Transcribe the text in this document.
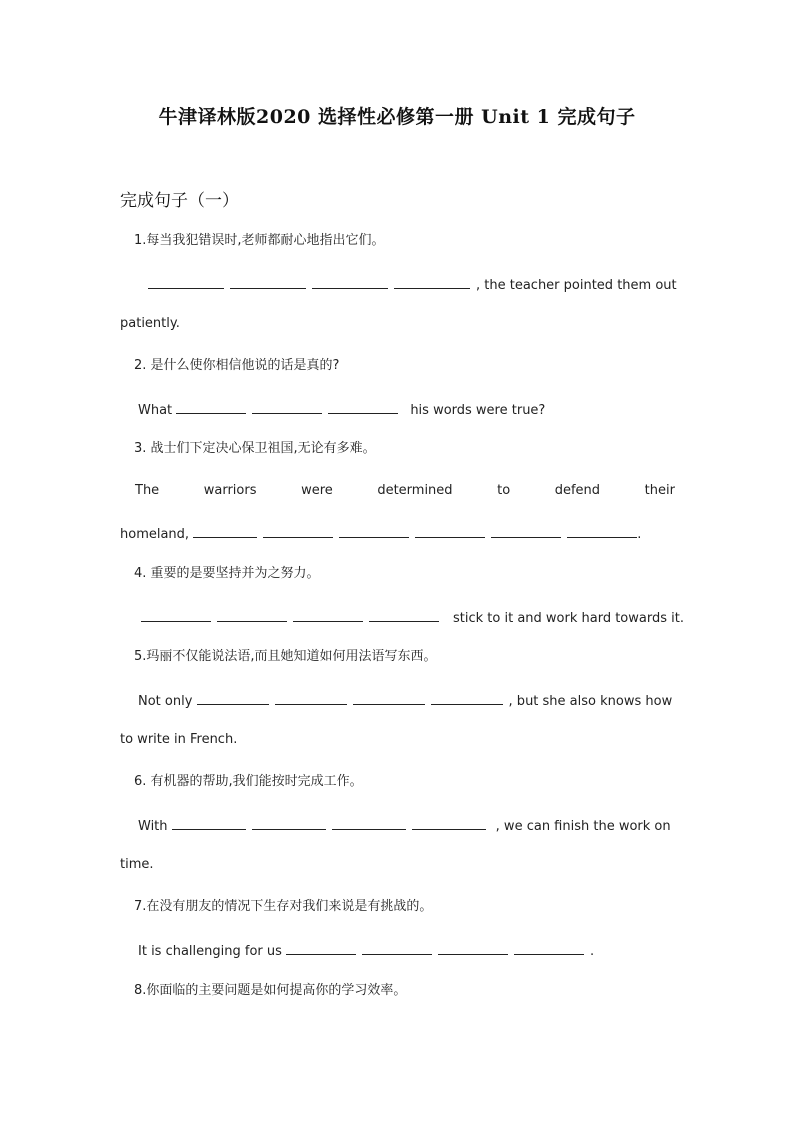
牛津译林版2020 选择性必修第一册 Unit 1 完成句子
完成句子（一）
1.每当我犯错误时,老师都耐心地指出它们。
, the teacher pointed them out
patiently.
2. 是什么使你相信他说的话是真的?
What	his words were true?
3. 战士们下定决心保卫祖国,无论有多难。
The	warriors	were	determined	to	defend	their
homeland,	.
4. 重要的是要坚持并为之努力。
stick to it and work hard towards it.
5.玛丽不仅能说法语,而且她知道如何用法语写东西。
Not only	, but she also knows how
to write in French.
6. 有机器的帮助,我们能按时完成工作。
With	, we can finish the work on
time.
7.在没有朋友的情况下生存对我们来说是有挑战的。
It is challenging for us	.
8.你面临的主要问题是如何提高你的学习效率。
